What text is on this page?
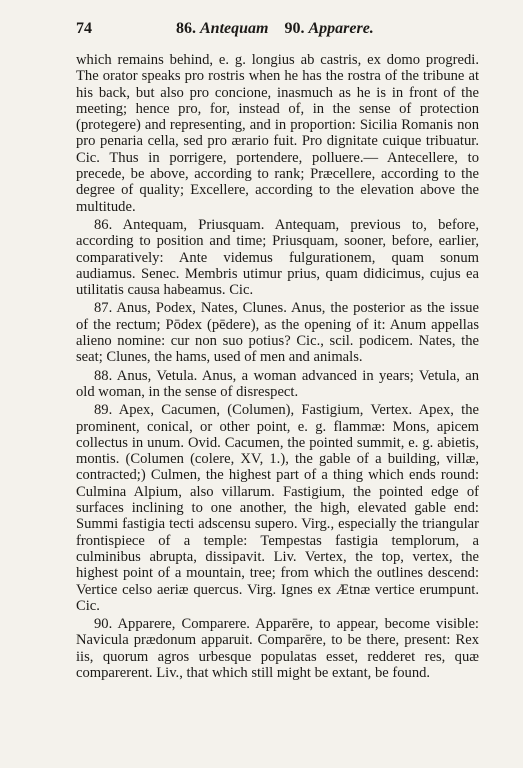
74	86. Antequam 90. Apparere.

which remains behind, e. g. longius ab castris, ex domo progredi. The orator speaks pro rostris when he has the rostra of the tribune at his back, but also pro concione, inasmuch as he is in front of the meeting; hence pro, for, instead of, in the sense of protection (protegere) and representing, and in proportion: Sicilia Romanis non pro penaria cella, sed pro ærario fuit. Pro dignitate cuique tribuatur. Cic. Thus in porrigere, portendere, polluere.— Antecellere, to precede, be above, according to rank; Præcellere, according to the degree of quality; Excellere, according to the elevation above the multitude.

86. Antequam, Priusquam. Antequam, previous to, before, according to position and time; Priusquam, sooner, before, earlier, comparatively: Ante videmus fulgurationem, quam sonum audiamus. Senec. Membris utimur prius, quam didicimus, cujus ea utilitatis causa habeamus. Cic.

87. Anus, Podex, Nates, Clunes. Anus, the posterior as the issue of the rectum; Pōdex (pēdere), as the opening of it: Anum appellas alieno nomine: cur non suo potius? Cic., scil. podicem. Nates, the seat; Clunes, the hams, used of men and animals.

88. Anus, Vetula. Anus, a woman advanced in years; Vetula, an old woman, in the sense of disrespect.

89. Apex, Cacumen, (Columen), Fastigium, Vertex. Apex, the prominent, conical, or other point, e. g. flammæ: Mons, apicem collectus in unum. Ovid. Cacumen, the pointed summit, e. g. abietis, montis. (Columen (colere, XV, 1.), the gable of a building, villæ, contracted;) Culmen, the highest part of a thing which ends round: Culmina Alpium, also villarum. Fastigium, the pointed edge of surfaces inclining to one another, the high, elevated gable end: Summi fastigia tecti adscensu supero. Virg., especially the triangular frontispiece of a temple: Tempestas fastigia templorum, a culminibus abrupta, dissipavit. Liv. Vertex, the top, vertex, the highest point of a mountain, tree; from which the outlines descend: Vertice celso aeriæ quercus. Virg. Ignes ex Ætnæ vertice erumpunt. Cic.

90. Apparere, Comparere. Apparēre, to appear, become visible: Navicula prædonum apparuit. Comparēre, to be there, present: Rex iis, quorum agros urbesque populatas esset, redderet res, quæ comparerent. Liv., that which still might be extant, be found.
